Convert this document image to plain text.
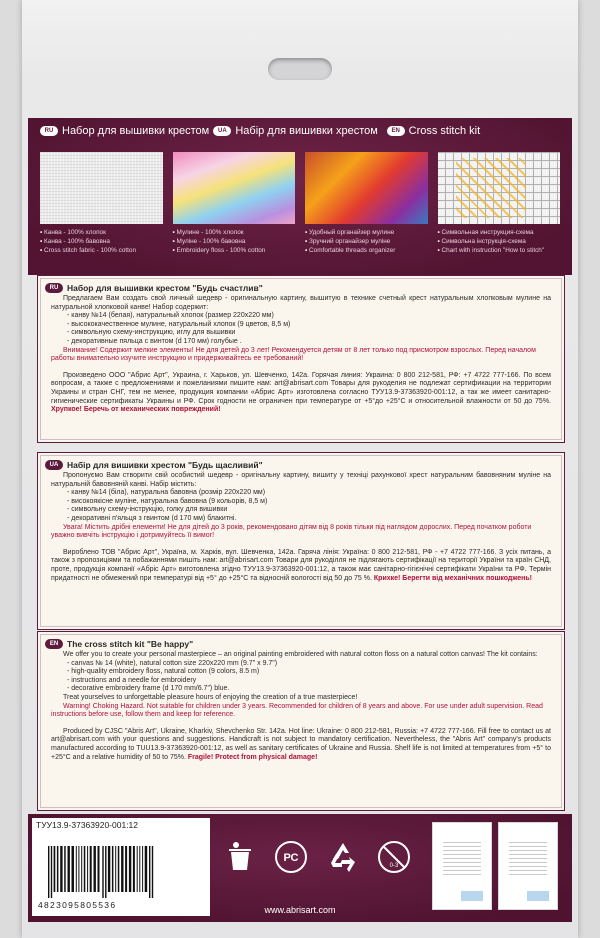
RU Набор для вышивки крестом	UA Набір для вишивки хрестом	EN Cross stitch kit
▪ Канва - 100% хлопок
▪ Канва - 100% бавовна
▪ Cross stitch fabric - 100% cotton
▪ Мулине - 100% хлопок
▪ Муліне - 100% бавовна
▪ Embroidery floss - 100% cotton
▪ Удобный органайзер мулине
▪ Зручний органайзер муліне
▪ Comfortable threads organizer
▪ Символьная инструкция-схема
▪ Символьна інструкція-схема
▪ Chart with instruction "How to stitch"
RU	Набор для вышивки крестом "Будь счастлив"

Предлагаем Вам создать свой личный шедевр - оригинальную картину, вышитую в технике счетный крест натуральным хлопковым мулине на натуральной хлопковой канве! Набор содержит:

- канву №14 (белая), натуральный хлопок (размер 220x220 мм)

- высококачественное мулине, натуральный хлопок (9 цветов, 8,5 м)

- символьную схему-инструкцию, иглу для вышивки

- декоративные пяльца с винтом (d 170 мм) голубые .

Внимание! Содержит мелкие элементы! Не для детей до 3 лет! Рекомендуется детям от 8 лет только под присмотром взрослых. Перед началом работы внимательно изучите инструкцию и придерживайтесь ее требований!

Произведено ООО "Абрис Арт", Украина, г. Харьков, ул. Шевченко, 142а. Горячая линия: Украина: 0 800 212-581, РФ: +7 4722 777-166. По всем вопросам, а также с предложениями и пожеланиями пишите нам: art@abrisart.com Товары для рукоделия не подлежат сертификации на территории Украины и стран СНГ, тем не менее, продукция компании «Абрис Арт» изготовлена согласно ТУУ13.9-37363920-001:12, а так же имеет санитарно-гигиенические сертификаты Украины и РФ. Срок годности не ограничен при температуре от +5°до +25°С и относительной влажности от 50 до 75%. Хрупкое! Беречь от механических повреждений!

UA	Набір для вишивки хрестом "Будь щасливий"

Пропонуємо Вам створити свій особистий шедевр - оригінальну картину, вишиту у техніці рахункової хрест натуральним бавовняним муліне на натуральній бавовняній канві. Набір містить:

- канву №14 (біла), натуральна бавовна (розмір 220x220 мм)

- високоякісне муліне, натуральна бавовна (9 кольорів, 8,5 м)

- символьну схему-інструкцію, голку для вишивки

- декоративні п'яльця з гвинтом (d 170 мм) блакитні.

Увага! Містить дрібні елементи! Не для дітей до 3 років, рекомендовано дітям від 8 років тільки під наглядом дорослих. Перед початком роботи уважно вивчіть інструкцію і дотримуйтесь її вимог!

Вироблено ТОВ "Абрис Арт", Україна, м. Харків, вул. Шевченка, 142а. Гаряча лінія: Україна: 0 800 212-581, РФ - +7 4722 777-166. З усіх питань, а також з пропозиціями та побажаннями пишіть нам: art@abrisart.com Товари для рукоділля не підлягають сертифікації на території України та країн СНД, проте, продукція компанії «Абріс Арт» виготовлена згідно ТУУ13.9-37363920-001:12, а також має санітарно-гігієнічні сертифікати України та РФ. Термін придатності не обмежений при температурі від +5° до +25°С та відносній вологості від 50 до 75 %. Крихке! Берегти від механічних пошкоджень!

EN	The cross stitch kit "Be happy"

We offer you to create your personal masterpiece – an original painting embroidered with natural cotton floss on a natural cotton canvas! The kit contains:

- canvas № 14 (white), natural cotton size 220x220 mm (9.7" x 9.7")

- high-quality embroidery floss, natural cotton (9 colors, 8.5 m)

- instructions and a needle for embroidery

- decorative embroidery frame (d 170 mm/6.7") blue.

Treat yourselves to unforgettable pleasure hours of enjoying the creation of a true masterpiece!

Warning! Choking Hazard. Not suitable for children under 3 years. Recommended for children of 8 years and above. For use under adult supervision. Read instructions before use, follow them and keep for reference.

Produced by CJSC "Abris Art", Ukraine, Kharkiv, Shevchenko Str. 142a. Hot line: Ukraine: 0 800 212-581, Russia: +7 4722 777-166. Fill free to contact us at art@abrisart.com with your questions and suggestions. Handicraft is not subject to mandatory certification. Nevertheless, the "Abris Art" company's products manufactured according to TUU13.9-37363920-001:12, as well as sanitary certificates of Ukraine and Russia. Shelf life is not limited at temperatures from +5° to +25°C and a relative humidity of 50 to 75%. Fragile! Protect from physical damage!

ТУУ13.9-37363920-001:12
4823095805536
РС
0-3
www.abrisart.com
